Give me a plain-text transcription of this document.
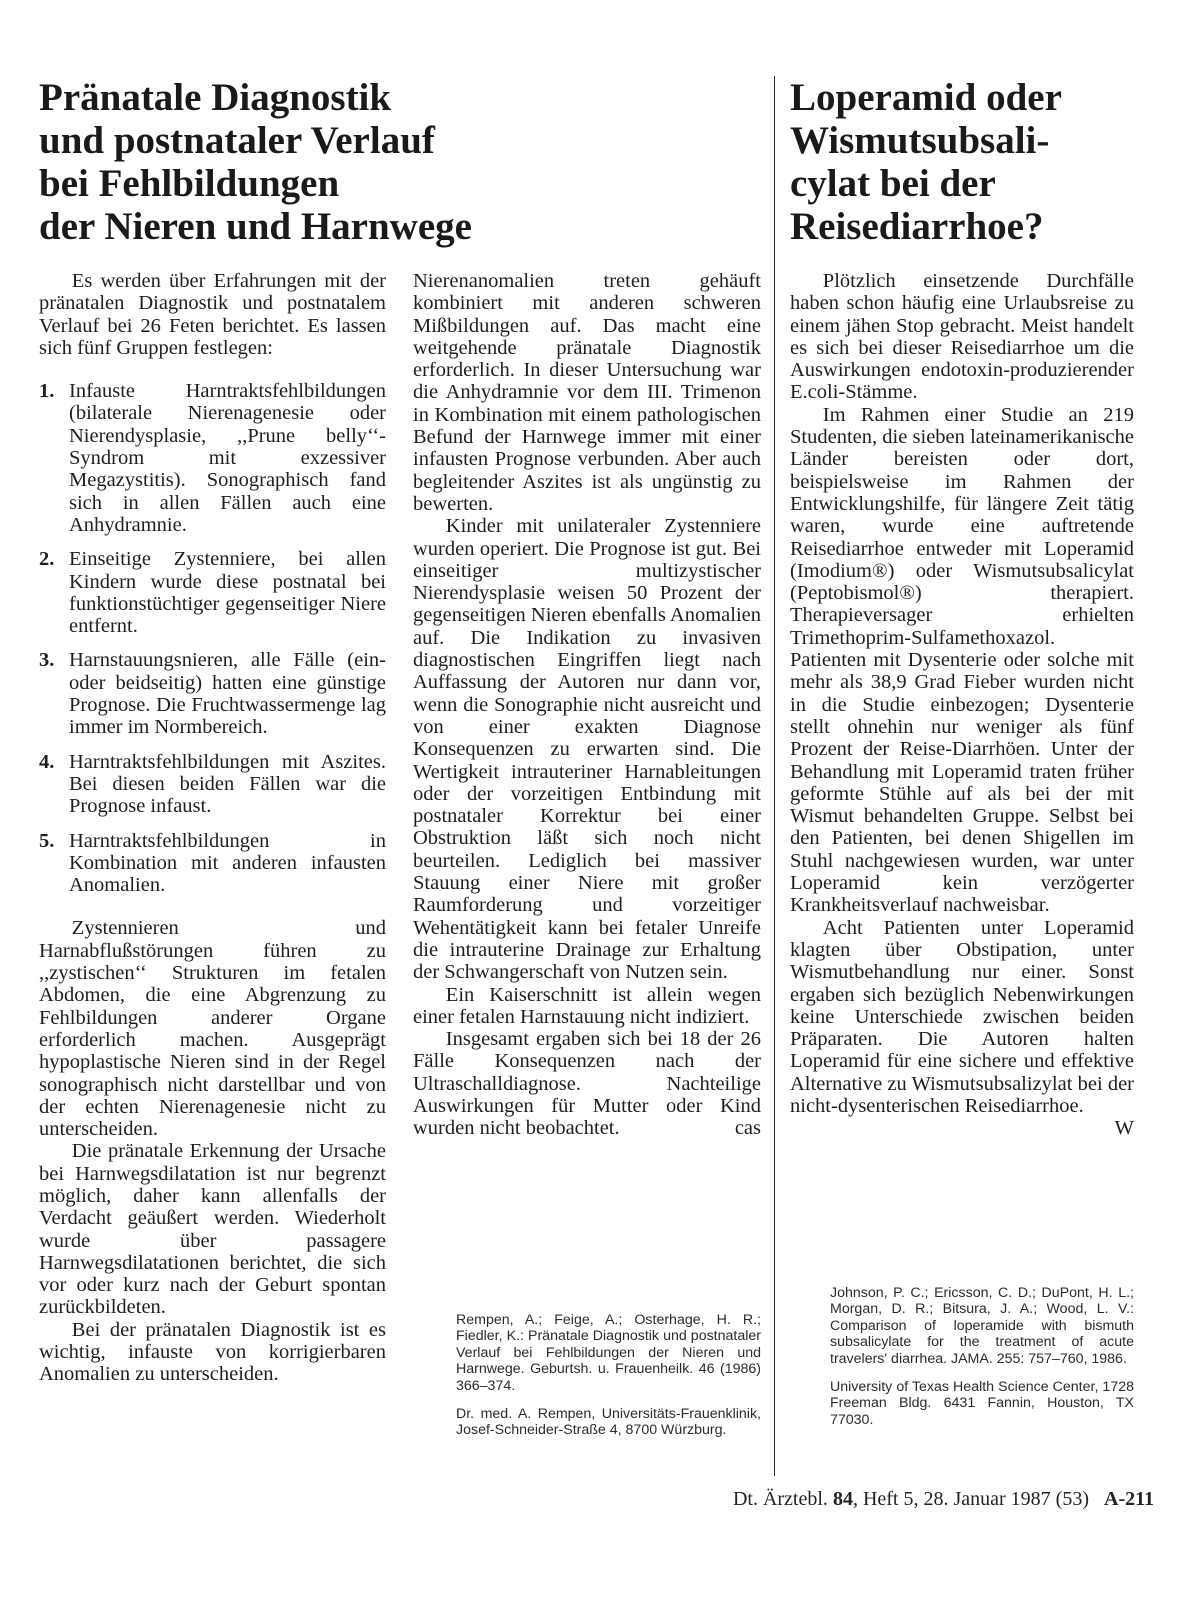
Pränatale Diagnostik
und postnataler Verlauf
bei Fehlbildungen
der Nieren und Harnwege
Loperamid oder
Wismutsubsali-
cylat bei der
Reisediarrhoe?

Es werden über Erfahrungen mit der pränatalen Diagnostik und postnatalem Verlauf bei 26 Feten berichtet. Es lassen sich fünf Gruppen festlegen:

1. Infauste Harntraktsfehlbildungen (bilaterale Nierenagenesie oder Nierendysplasie, ,,Prune belly‘‘-Syndrom mit exzessiver Megazystitis). Sonographisch fand sich in allen Fällen auch eine Anhydramnie.
2. Einseitige Zystenniere, bei allen Kindern wurde diese postnatal bei funktionstüchtiger gegenseitiger Niere entfernt.
3. Harnstauungsnieren, alle Fälle (ein- oder beidseitig) hatten eine günstige Prognose. Die Fruchtwassermenge lag immer im Normbereich.
4. Harntraktsfehlbildungen mit Aszites. Bei diesen beiden Fällen war die Prognose infaust.
5. Harntraktsfehlbildungen in Kombination mit anderen infausten Anomalien.

Zystennieren und Harnabflußstörungen führen zu ,,zystischen‘‘ Strukturen im fetalen Abdomen, die eine Abgrenzung zu Fehlbildungen anderer Organe erforderlich machen. Ausgeprägt hypoplastische Nieren sind in der Regel sonographisch nicht darstellbar und von der echten Nierenagenesie nicht zu unterscheiden.

Die pränatale Erkennung der Ursache bei Harnwegsdilatation ist nur begrenzt möglich, daher kann allenfalls der Verdacht geäußert werden. Wiederholt wurde über passagere Harnwegsdilatationen berichtet, die sich vor oder kurz nach der Geburt spontan zurückbildeten.

Bei der pränatalen Diagnostik ist es wichtig, infauste von korrigierbaren Anomalien zu unterscheiden.

Nierenanomalien treten gehäuft kombiniert mit anderen schweren Mißbildungen auf. Das macht eine weitgehende pränatale Diagnostik erforderlich. In dieser Untersuchung war die Anhydramnie vor dem III. Trimenon in Kombination mit einem pathologischen Befund der Harnwege immer mit einer infausten Prognose verbunden. Aber auch begleitender Aszites ist als ungünstig zu bewerten.

Kinder mit unilateraler Zystenniere wurden operiert. Die Prognose ist gut. Bei einseitiger multizystischer Nierendysplasie weisen 50 Prozent der gegenseitigen Nieren ebenfalls Anomalien auf. Die Indikation zu invasiven diagnostischen Eingriffen liegt nach Auffassung der Autoren nur dann vor, wenn die Sonographie nicht ausreicht und von einer exakten Diagnose Konsequenzen zu erwarten sind. Die Wertigkeit intrauteriner Harnableitungen oder der vorzeitigen Entbindung mit postnataler Korrektur bei einer Obstruktion läßt sich noch nicht beurteilen. Lediglich bei massiver Stauung einer Niere mit großer Raumforderung und vorzeitiger Wehentätigkeit kann bei fetaler Unreife die intrauterine Drainage zur Erhaltung der Schwangerschaft von Nutzen sein.

Ein Kaiserschnitt ist allein wegen einer fetalen Harnstauung nicht indiziert.

Insgesamt ergaben sich bei 18 der 26 Fälle Konsequenzen nach der Ultraschalldiagnose. Nachteilige Auswirkungen für Mutter oder Kind wurden nicht beobachtet.	cas

Rempen, A.; Feige, A.; Osterhage, H. R.; Fiedler, K.: Pränatale Diagnostik und postnataler Verlauf bei Fehlbildungen der Nieren und Harnwege. Geburtsh. u. Frauenheilk. 46 (1986) 366–374.

Dr. med. A. Rempen, Universitäts-Frauenklinik, Josef-Schneider-Straße 4, 8700 Würzburg.

Plötzlich einsetzende Durchfälle haben schon häufig eine Urlaubsreise zu einem jähen Stop gebracht. Meist handelt es sich bei dieser Reisediarrhoe um die Auswirkungen endotoxin-produzierender E.coli-Stämme.

Im Rahmen einer Studie an 219 Studenten, die sieben lateinamerikanische Länder bereisten oder dort, beispielsweise im Rahmen der Entwicklungshilfe, für längere Zeit tätig waren, wurde eine auftretende Reisediarrhoe entweder mit Loperamid (Imodium®) oder Wismutsubsalicylat (Peptobismol®) therapiert. Therapieversager erhielten Trimethoprim-Sulfamethoxazol. Patienten mit Dysenterie oder solche mit mehr als 38,9 Grad Fieber wurden nicht in die Studie einbezogen; Dysenterie stellt ohnehin nur weniger als fünf Prozent der Reise-Diarrhöen. Unter der Behandlung mit Loperamid traten früher geformte Stühle auf als bei der mit Wismut behandelten Gruppe. Selbst bei den Patienten, bei denen Shigellen im Stuhl nachgewiesen wurden, war unter Loperamid kein verzögerter Krankheitsverlauf nachweisbar.

Acht Patienten unter Loperamid klagten über Obstipation, unter Wismutbehandlung nur einer. Sonst ergaben sich bezüglich Nebenwirkungen keine Unterschiede zwischen beiden Präparaten. Die Autoren halten Loperamid für eine sichere und effektive Alternative zu Wismutsubsalizylat bei der nicht-dysenterischen Reisediarrhoe.
W

Johnson, P. C.; Ericsson, C. D.; DuPont, H. L.; Morgan, D. R.; Bitsura, J. A.; Wood, L. V.: Comparison of loperamide with bismuth subsalicylate for the treatment of acute travelers' diarrhea. JAMA. 255: 757–760, 1986.

University of Texas Health Science Center, 1728 Freeman Bldg. 6431 Fannin, Houston, TX 77030.

Dt. Ärztebl. 84, Heft 5, 28. Januar 1987 (53) A-211
